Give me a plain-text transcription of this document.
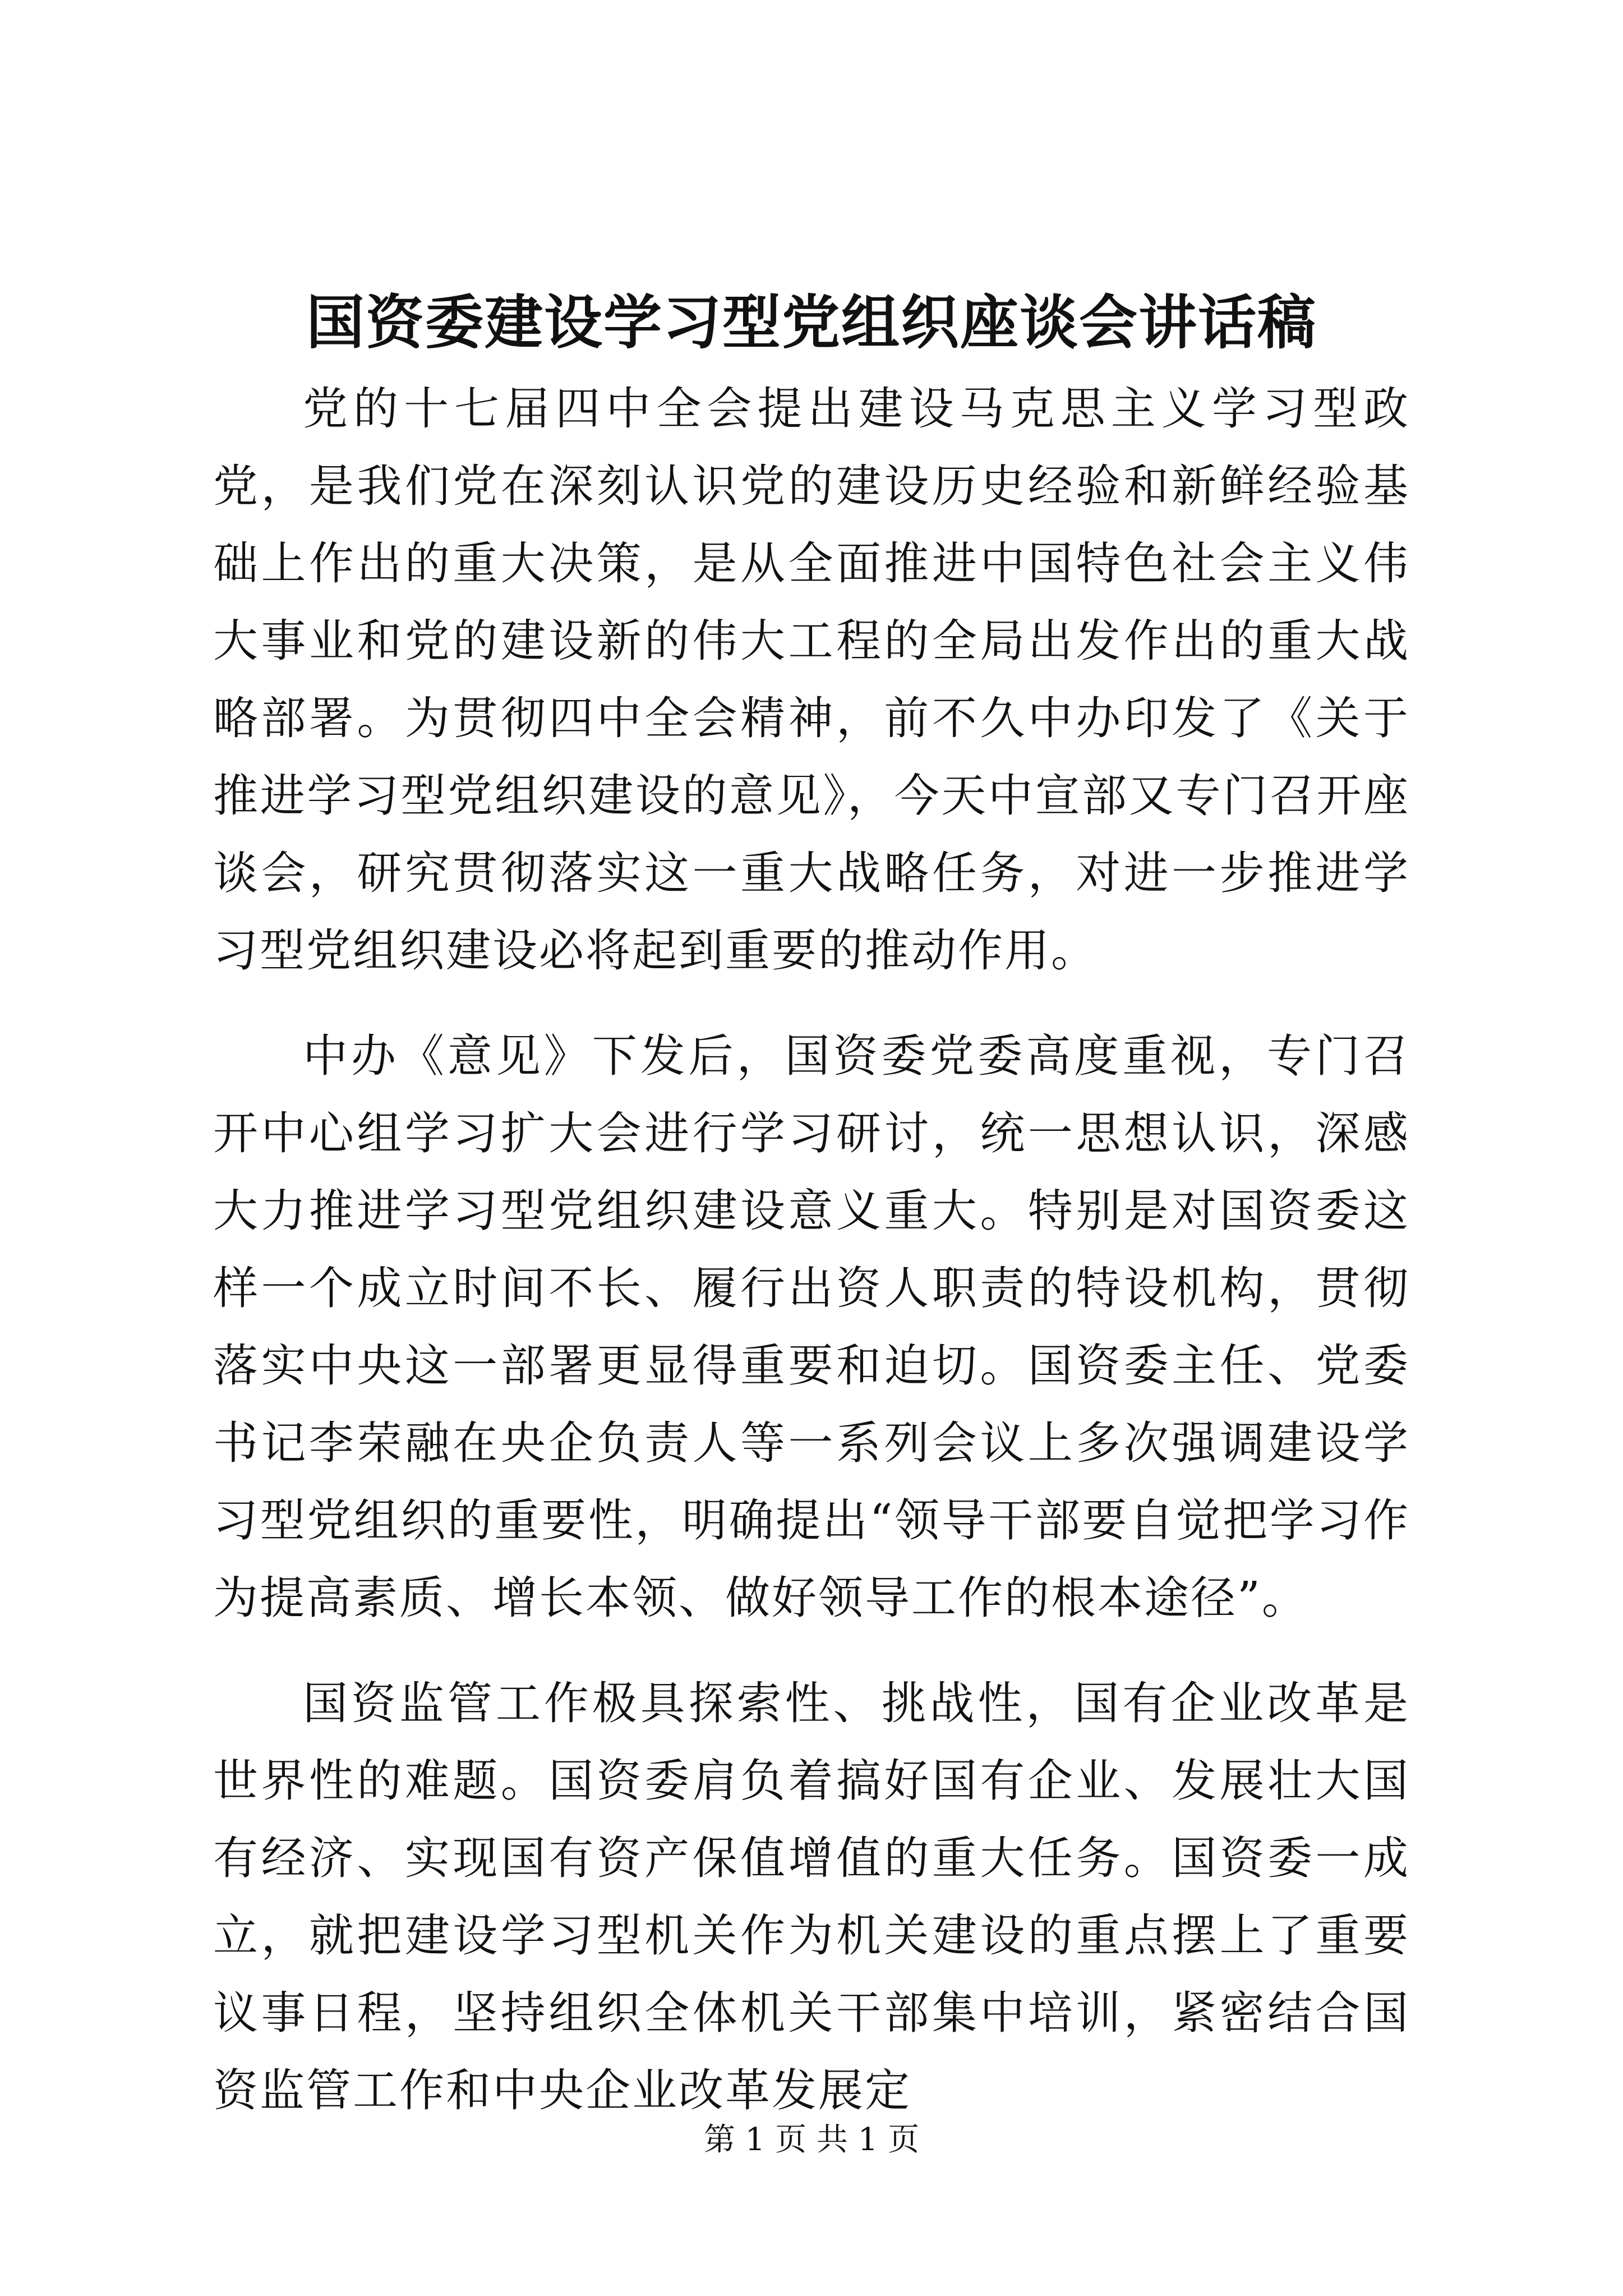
国资委建设学习型党组织座谈会讲话稿

党的十七届四中全会提出建设马克思主义学习型政党，是我们党在深刻认识党的建设历史经验和新鲜经验基础上作出的重大决策，是从全面推进中国特色社会主义伟大事业和党的建设新的伟大工程的全局出发作出的重大战略部署。为贯彻四中全会精神，前不久中办印发了《关于推进学习型党组织建设的意见》，今天中宣部又专门召开座谈会，研究贯彻落实这一重大战略任务，对进一步推进学习型党组织建设必将起到重要的推动作用。

中办《意见》下发后，国资委党委高度重视，专门召开中心组学习扩大会进行学习研讨，统一思想认识，深感大力推进学习型党组织建设意义重大。特别是对国资委这样一个成立时间不长、履行出资人职责的特设机构，贯彻落实中央这一部署更显得重要和迫切。国资委主任、党委书记李荣融在央企负责人等一系列会议上多次强调建设学习型党组织的重要性，明确提出“领导干部要自觉把学习作为提高素质、增长本领、做好领导工作的根本途径”。

国资监管工作极具探索性、挑战性，国有企业改革是世界性的难题。国资委肩负着搞好国有企业、发展壮大国有经济、实现国有资产保值增值的重大任务。国资委一成立，就把建设学习型机关作为机关建设的重点摆上了重要议事日程，坚持组织全体机关干部集中培训，紧密结合国资监管工作和中央企业改革发展定

第 1 页 共 1 页
